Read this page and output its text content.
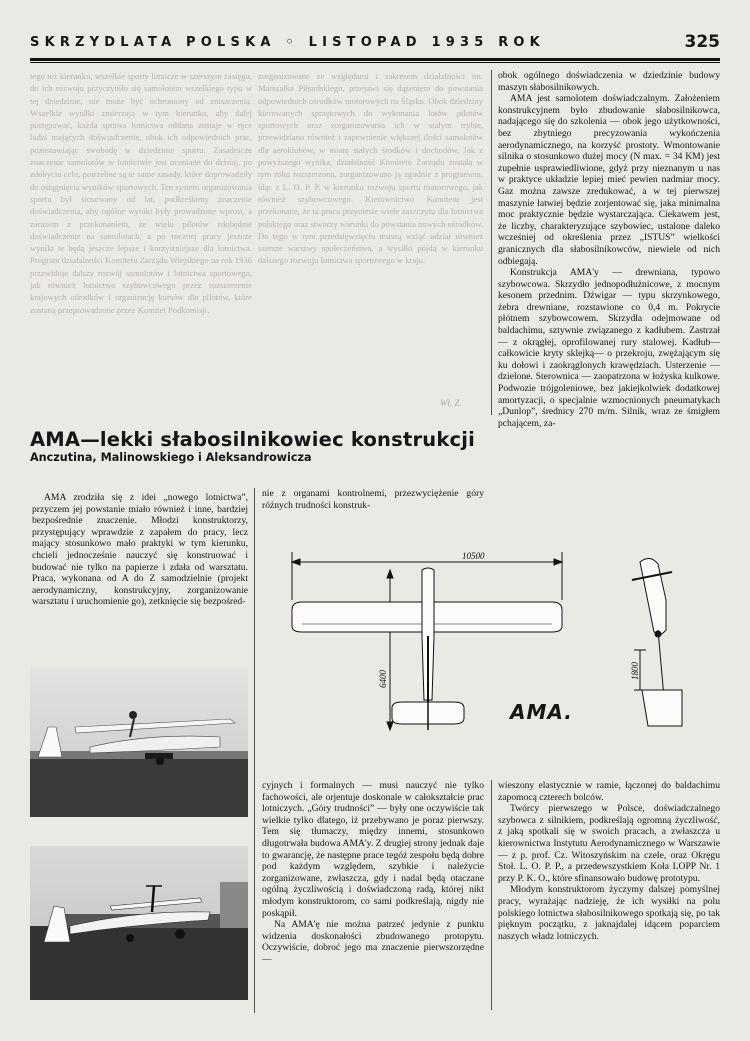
SKRZYDLATA POLSKA ◦ LISTOPAD 1935 ROK	325
tego też kierunku, wszelkie sporty lotnicze w szerszym zasięgu, do ich rozwoju przyczyniło się samolotem wszelkiego typu w tej dziedzinie, nie może być ochroniony od zniszczenia. Wszelkie wysiłki zmierzają w tym kierunku, aby dalej postępować, każda sprawa lotnictwa oddana zostaje w ręce ludzi mających doświadczenie, obok ich odpowiednich prac, pozostawiając swobodę w dziedzinie sportu. Zasadnicze znaczenie samolotów w lotnictwie jest oceniane do dzisiaj, po zdobyciu celu, potrzebne są te same zasady, które doprowadziły do osiągnięcia wyników sportowych. Ten system organizowania sportu był stosowany od lat, podkreślamy znaczenie doświadczenia, aby ogólne wyniki były prowadzone wprost, a zarazem z przekonaniem, że wielu pilotów zdobędzie doświadczenie na samolotach, a po rocznej pracy jeszcze wyniki te będą jeszcze lepsze i korzystniejsze dla lotnictwa. Program działalności Komitetu Zarządu Wiejskiego na rok 1936 przewiduje dalszy rozwój samolotów i lotnictwa sportowego, jak również lotnictwa szybowcowego przez rozszerzenie krajowych ośrodków i organizację kursów dla pilotów, które zostaną przeprowadzone przez Komitet Podkomisji.
zorganizowane ze względami i zakresem działalności im. Marszałka Piłsudskiego, przejawi się dążeniem do powstania odpowiednich ośrodków motorowych na Śląsku. Obok dziedziny kierowanych sprzętowych do wykonania lotów pilotów sportowych oraz zorganizowania ich w stałym trybie, przewidziano również i zapewnienie większej ilości samolotów dla aeroklubów, w miarę stałych środków i dochodów. Jak z powyższego wynika, działalność Komitetu Zarządu została w tym roku rozszerzona, zorganizowano ją zgodnie z programem, idąc z L. O. P. P. w kierunku rozwoju sportu motorowego, jak również szybowcowego. Kierownictwo Komitetu jest przekonane, że ta praca przyniesie wiele zaszczytu dla lotnictwa polskiego oraz stworzy warunki do powstania nowych ośrodków. Do tego w tym przedsięwzięciu muszą wziąć udział również szersze warstwy społeczeństwa, a wysiłki pójdą w kierunku dalszego rozwoju lotnictwa sportowego w kraju.
Wł. Z.
AMA—lekki słabosilnikowiec konstrukcji
Anczutina, Malinowskiego i Aleksandrowicza

AMA zrodziła się z idei „nowego lotnictwa”, przyczem jej powstanie miało również i inne, bardziej bezpośrednie znaczenie. Młodzi konstruktorzy, przystępujący wprawdzie z zapałem do pracy, lecz mający stosunkowo mało praktyki w tym kierunku, chcieli jednocześnie nauczyć się konstruować i budować nie tylko na papierze i zdała od warsztatu. Praca, wykonana od A do Z samodzielnie (projekt aerodynamiczny, konstrukcyjny, zorganizowanie warsztatu i uruchomienie go), zetknięcie się bezpośred-

nie z organami kontrolnemi, przezwyciężenie góry różnych trudności konstruk-

10500
6400	1800
AMA.

cyjnych i formalnych — musi nauczyć nie tylko fachowości, ale orjentuje doskonale w całokształcie prac lotniczych. „Góry trudności” — były one oczywiście tak wielkie tylko dlatego, iż przebywano je poraz pierwszy. Tem się tłumaczy, między innemi, stosunkowo długotrwała budowa AMA'y. Z drugiej strony jednak daje to gwarancję, że następne prace tegóż zespołu będą dobre pod każdym względem, szybkie i należycie zorganizowane, zwłaszcza, gdy i nadal będą otaczane ogólną życzliwością i doświadczoną radą, której nikt młodym konstruktorom, co sami podkreślają, nigdy nie poskąpił.

Na AMA'ę nie można patrzeć jedynie z punktu widzenia doskonałości zbudowanego protopytu. Oczywiście, dobroć jego ma znaczenie pierwszorzędne —

obok ogólnego doświadczenia w dziedzinie budowy maszyn słabosilnikowych.

AMA jest samolotem doświadczalnym. Założeniem konstrukcyjnem było zbudowanie słabosilnikowca, nadającego się do szkolenia — obok jego użytkowności, bez zbytniego precyzowania wykończenia aerodynamicznego, na korzyść prostoty. Wmontowanie silnika o stosunkowo dużej mocy (N max. = 34 KM) jest zupełnie usprawiedliwione, gdyż przy nieznanym u nas w praktyce układzie lepiej mieć pewien nadmiar mocy. Gaz można zawsze zredukować, a w tej pierwszej maszynie łatwiej będzie zorjentować się, jaka minimalna moc praktycznie będzie wystarczająca. Ciekawem jest, że liczby, charakteryzujące szybowiec, ustalone daleko wcześniej od określenia przez „ISTUS” wielkości granicznych dla słabosilnikowców, niewiele od nich odbiegają.

Konstrukcja AMA'y — drewniana, typowo szybowcowa. Skrzydło jednopodłużnicowe, z mocnym kesonem przednim. Dźwigar — typu skrzynkowego, żebra drewniane, rozstawione co 0,4 m. Pokrycie płótnem szybowcowem. Skrzydła odejmowane od baldachimu, sztywnie związanego z kadłubem. Zastrzał — z okrągłej, oprofilowanej rury stalowej. Kadłub—całkowicie kryty sklejką— o przekroju, zwężającym się ku dołowi i zaokrąglonych krawędziach. Usterzenie — dzielone. Sterownica — zaopatrzona w łożyska kulkowe. Podwozie trójgoleniowe, bez jakiejkolwiek dodatkowej amortyzacji, o specjalnie wzmocnionych pneumatykach „Dunlop”, średnicy 270 m/m. Silnik, wraz ze śmigłem pchającem, za-

wieszony elastycznie w ramie, łączonej do baldachimu zapomocą czterech bolców.

Twórcy pierwszego w Polsce, doświadczalnego szybowca z silnikiem, podkreślają ogromną życzliwość, z jaką spotkali się w swoich pracach, a zwłaszcza u kierownictwa Instytutu Aerodynamicznego w Warszawie — z p. prof. Cz. Witoszyńskim na czele, oraz Okręgu Stoł. L. O. P. P., a przedewszystkiem Koła LOPP Nr. 1 przy P. K. O., które sfinansowało budowę prototypu.

Młodym konstruktorom życzymy dalszej pomyślnej pracy, wyrażając nadzieję, że ich wysiłki na polu polskiego lotnictwa słabosilnikowego spotkają się, po tak pięknym początku, z jaknajdalej idącem poparciem naszych władz lotniczych.
